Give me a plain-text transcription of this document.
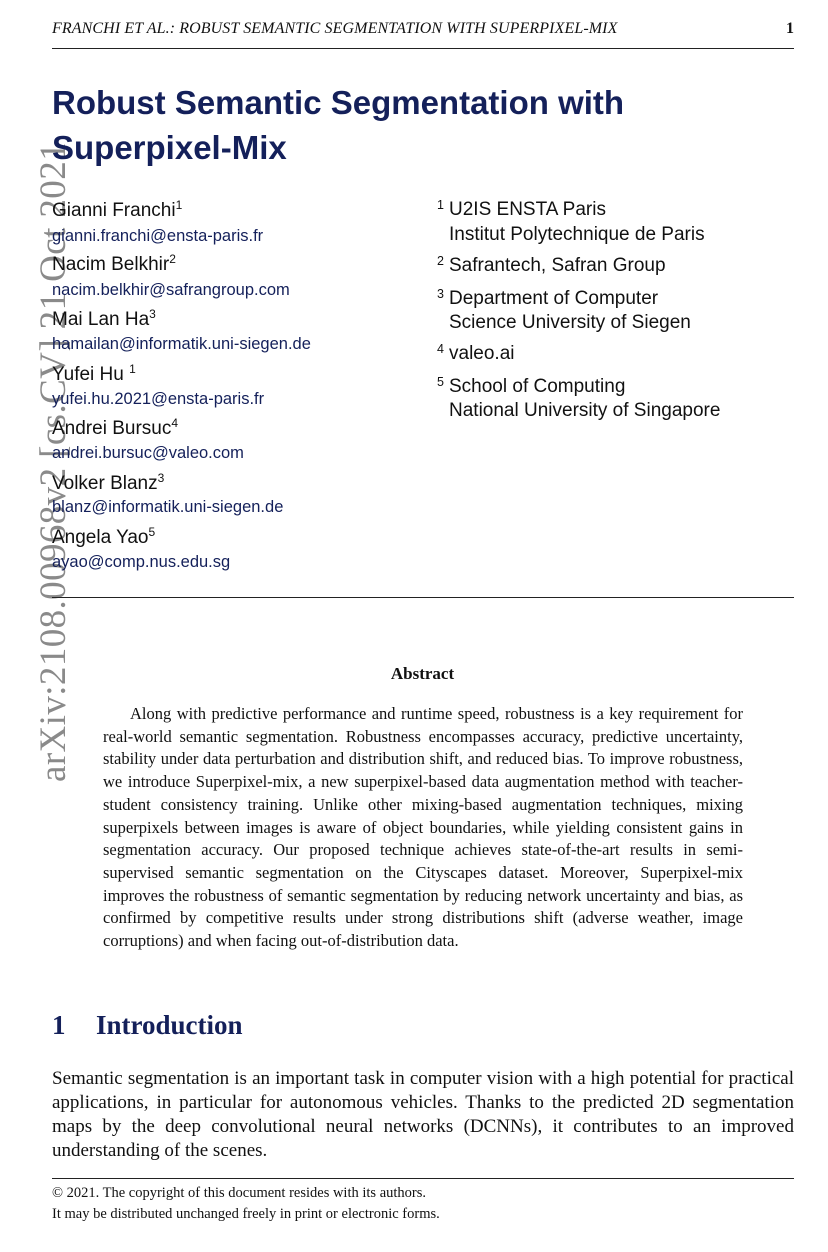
FRANCHI ET AL.: ROBUST SEMANTIC SEGMENTATION WITH SUPERPIXEL-MIX	1
arXiv:2108.00968v2 [cs.CV] 21 Oct 2021
Robust Semantic Segmentation with
Superpixel-Mix
Gianni Franchi$^1$
gianni.franchi@ensta-paris.fr
Nacim Belkhir$^2$
nacim.belkhir@safrangroup.com
Mai Lan Ha$^3$
hamailan@informatik.uni-siegen.de
Yufei Hu $^1$
yufei.hu.2021@ensta-paris.fr
Andrei Bursuc$^4$
andrei.bursuc@valeo.com
Volker Blanz$^3$
blanz@informatik.uni-siegen.de
Angela Yao$^5$
ayao@comp.nus.edu.sg
1 U2IS ENSTA Paris
Institut Polytechnique de Paris
2 Safrantech, Safran Group
3 Department of Computer
Science University of Siegen
4 valeo.ai
5 School of Computing
National University of Singapore
Abstract
Along with predictive performance and runtime speed, robustness is a key requirement for real-world semantic segmentation. Robustness encompasses accuracy, predictive uncertainty, stability under data perturbation and distribution shift, and reduced bias. To improve robustness, we introduce Superpixel-mix, a new superpixel-based data augmentation method with teacher-student consistency training. Unlike other mixing-based augmentation techniques, mixing superpixels between images is aware of object boundaries, while yielding consistent gains in segmentation accuracy. Our proposed technique achieves state-of-the-art results in semi-supervised semantic segmentation on the Cityscapes dataset. Moreover, Superpixel-mix improves the robustness of semantic segmentation by reducing network uncertainty and bias, as confirmed by competitive results under strong distributions shift (adverse weather, image corruptions) and when facing out-of-distribution data.
1 Introduction
Semantic segmentation is an important task in computer vision with a high potential for practical applications, in particular for autonomous vehicles. Thanks to the predicted 2D segmentation maps by the deep convolutional neural networks (DCNNs), it contributes to an improved understanding of the scenes.
© 2021. The copyright of this document resides with its authors.
It may be distributed unchanged freely in print or electronic forms.
